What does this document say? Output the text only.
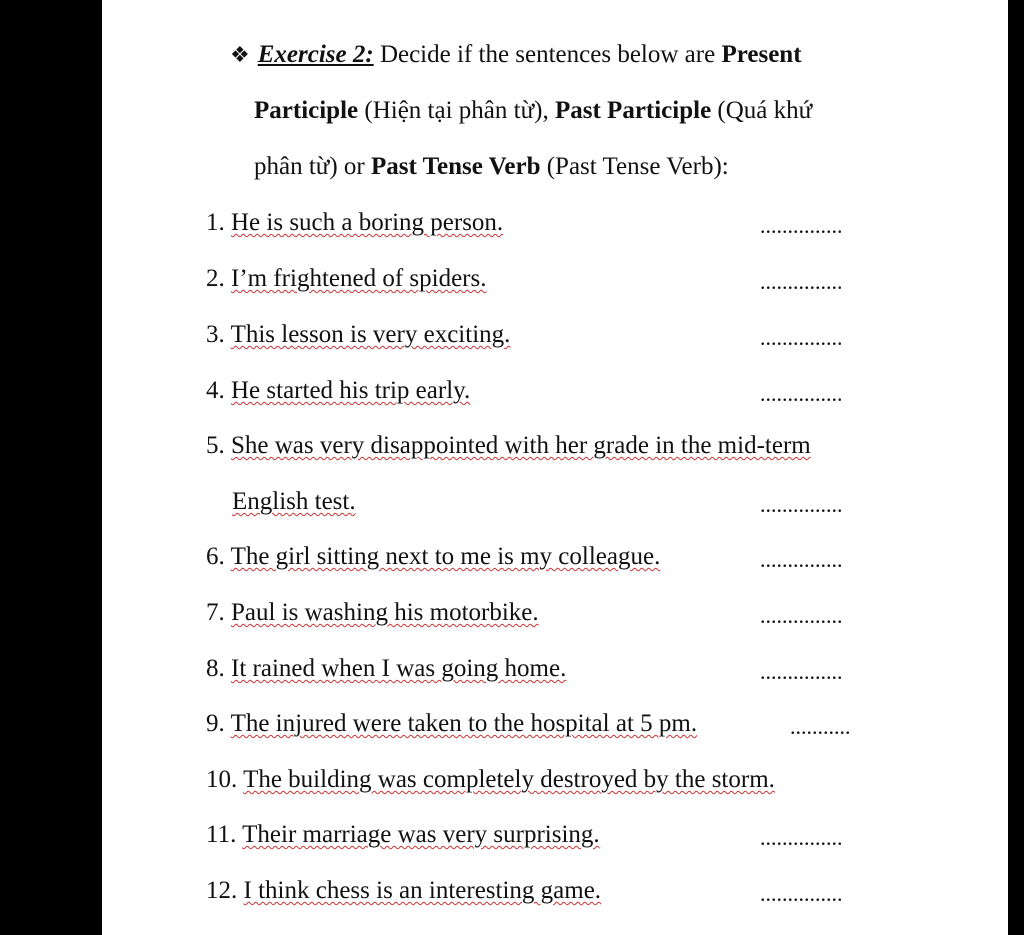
❖ Exercise 2: Decide if the sentences below are Present
Participle (Hiện tại phân từ), Past Participle (Quá khứ
phân từ) or Past Tense Verb (Past Tense Verb):
1. He is such a boring person.	...............
2. I’m frightened of spiders.	...............
3. This lesson is very exciting.	...............
4. He started his trip early.	...............
5. She was very disappointed with her grade in the mid-term
English test.	...............
6. The girl sitting next to me is my colleague.	...............
7. Paul is washing his motorbike.	...............
8. It rained when I was going home.	...............
9. The injured were taken to the hospital at 5 pm.	...........
10. The building was completely destroyed by the storm.
11. Their marriage was very surprising.	...............
12. I think chess is an interesting game.	...............
